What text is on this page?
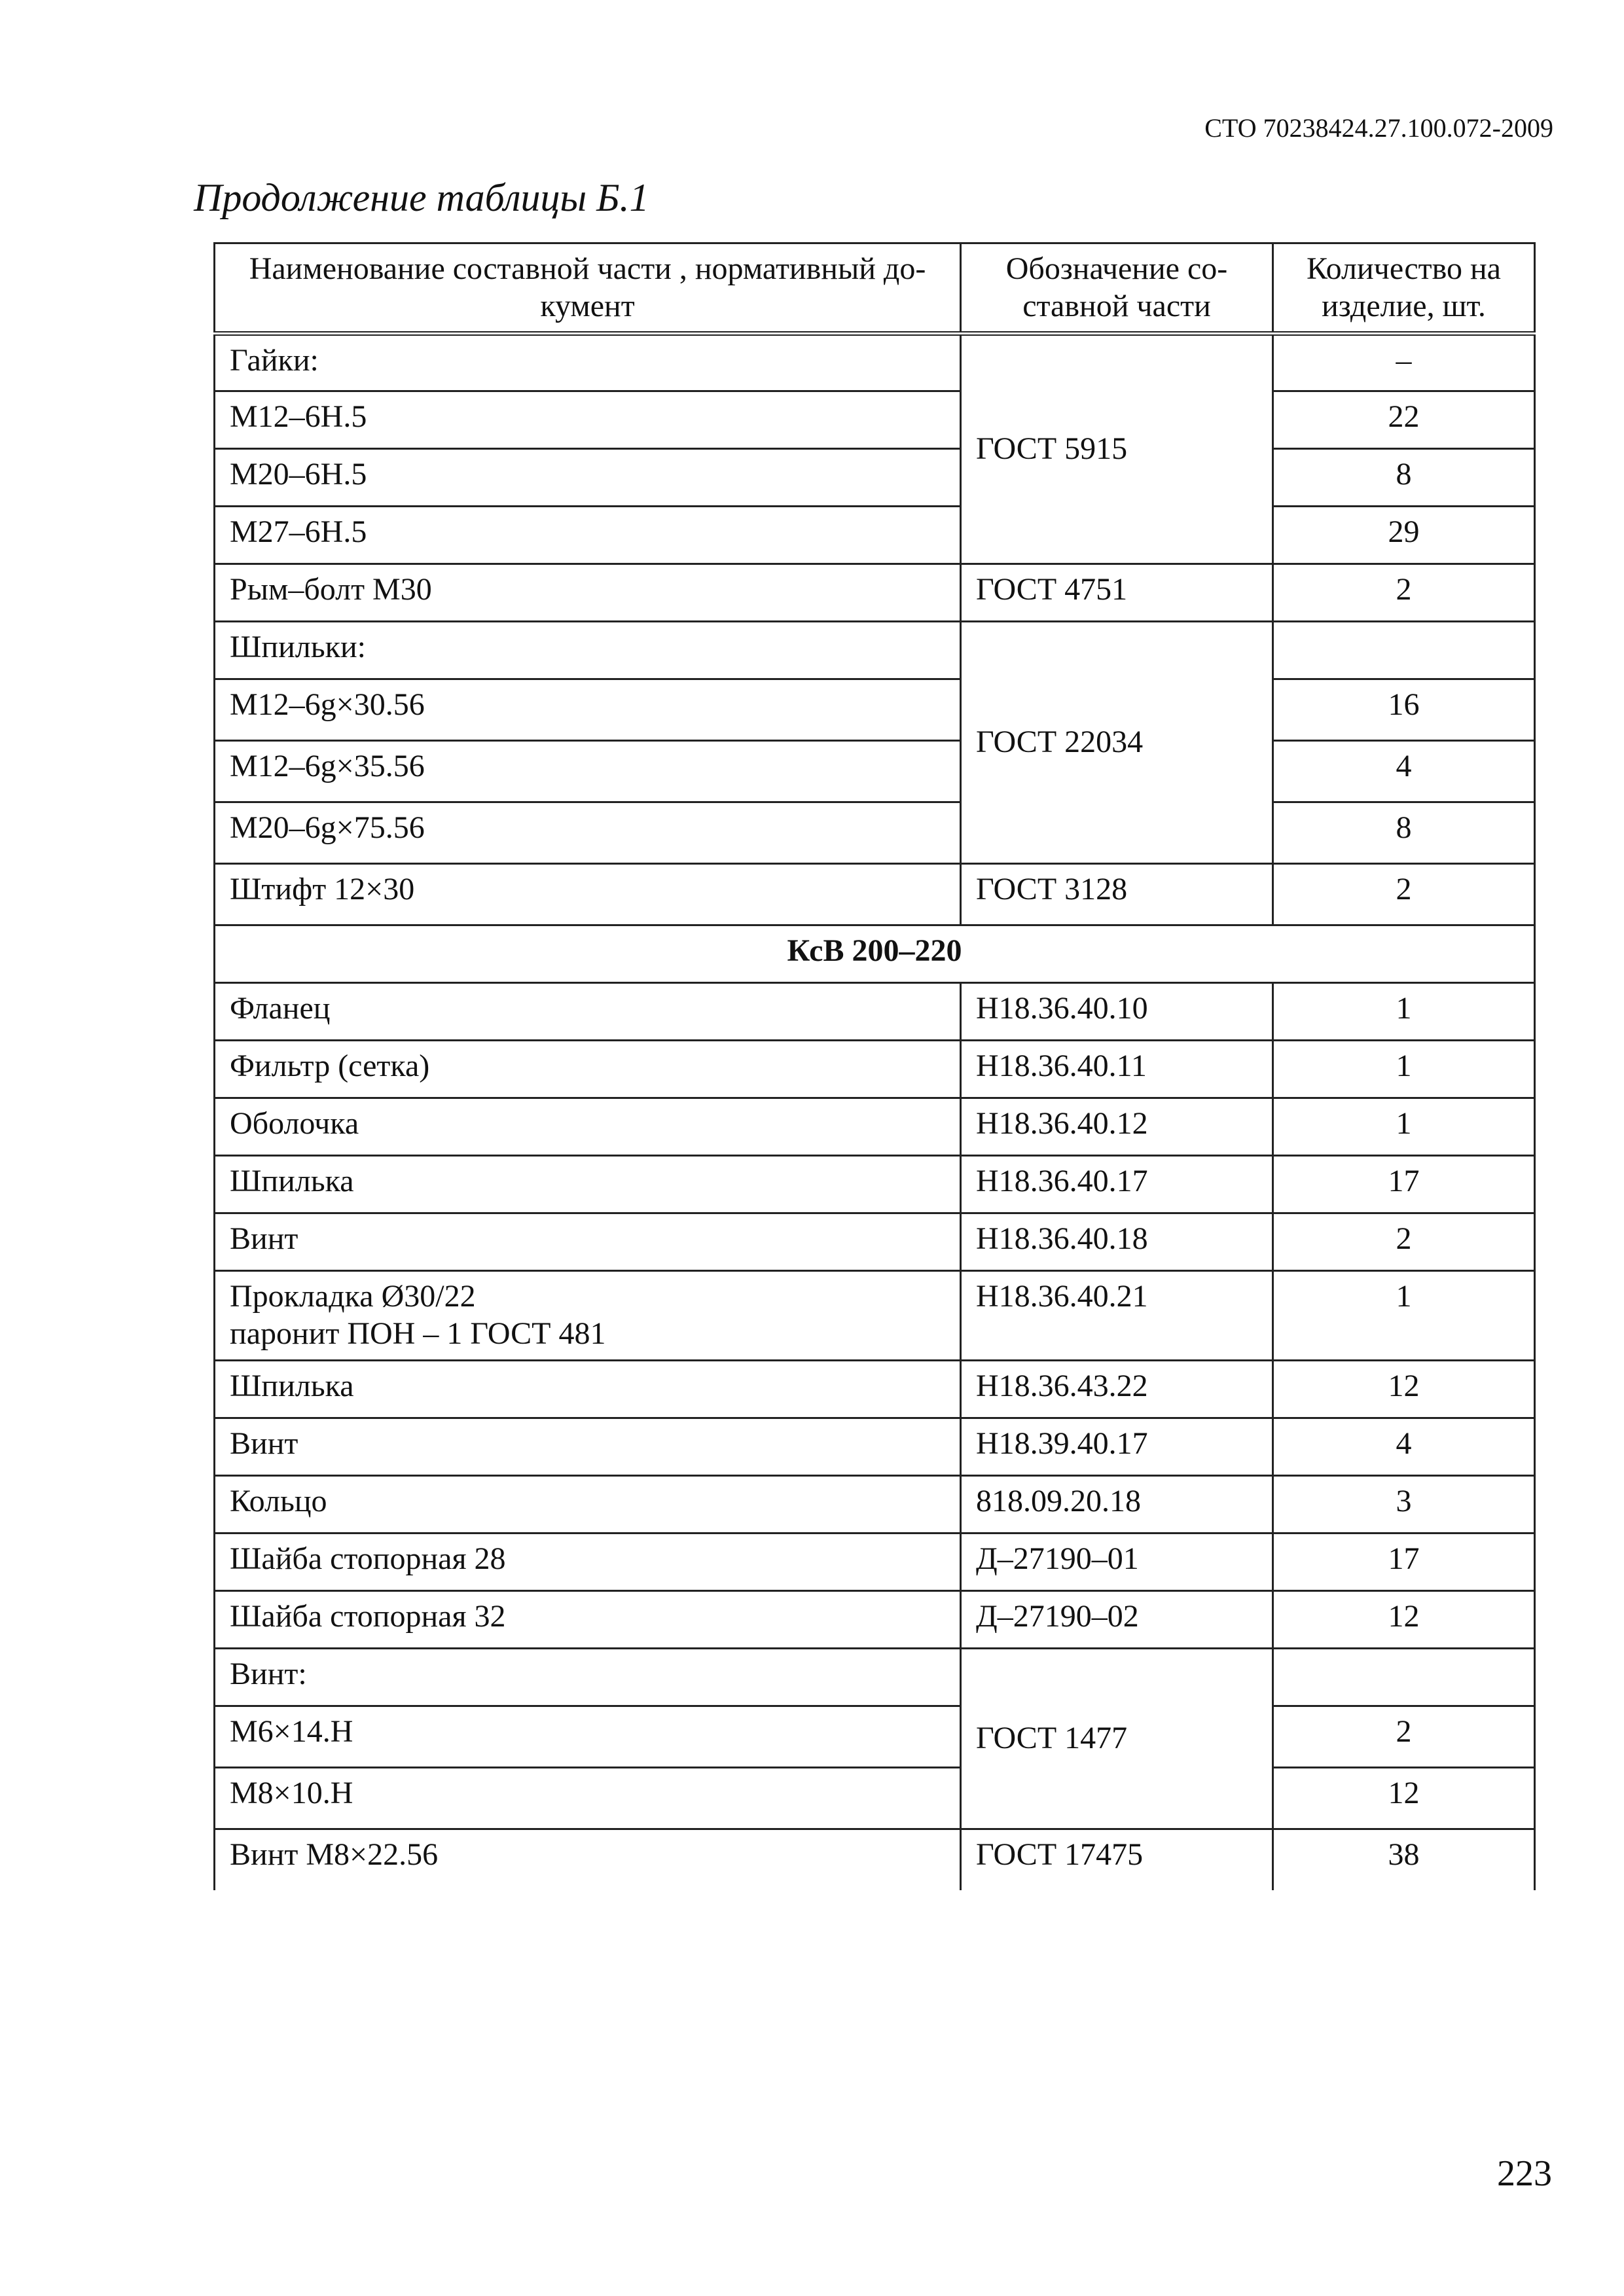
СТО 70238424.27.100.072-2009
Продолжение таблицы Б.1
Наименование составной части , нормативный до-кумент	Обозначение со-ставной части	Количество на изделие, шт.
Гайки:	ГОСТ 5915	–
М12–6Н.5		22
М20–6Н.5		8
М27–6Н.5		29
Рым–болт М30	ГОСТ 4751	2
Шпильки:	ГОСТ 22034	
М12–6g×30.56		16
М12–6g×35.56		4
М20–6g×75.56		8
Штифт 12×30	ГОСТ 3128	2
КсВ 200–220		
Фланец	Н18.36.40.10	1
Фильтр (сетка)	Н18.36.40.11	1
Оболочка	Н18.36.40.12	1
Шпилька	Н18.36.40.17	17
Винт	Н18.36.40.18	2

Прокладка Ø30/22
паронит ПОН – 1 ГОСТ 481	Н18.36.40.21	1
Шпилька	Н18.36.43.22	12
Винт	Н18.39.40.17	4
Кольцо	818.09.20.18	3
Шайба стопорная 28	Д–27190–01	17
Шайба стопорная 32	Д–27190–02	12
Винт:	ГОСТ 1477	
М6×14.Н		2
М8×10.Н		12
Винт М8×22.56	ГОСТ 17475	38
223
